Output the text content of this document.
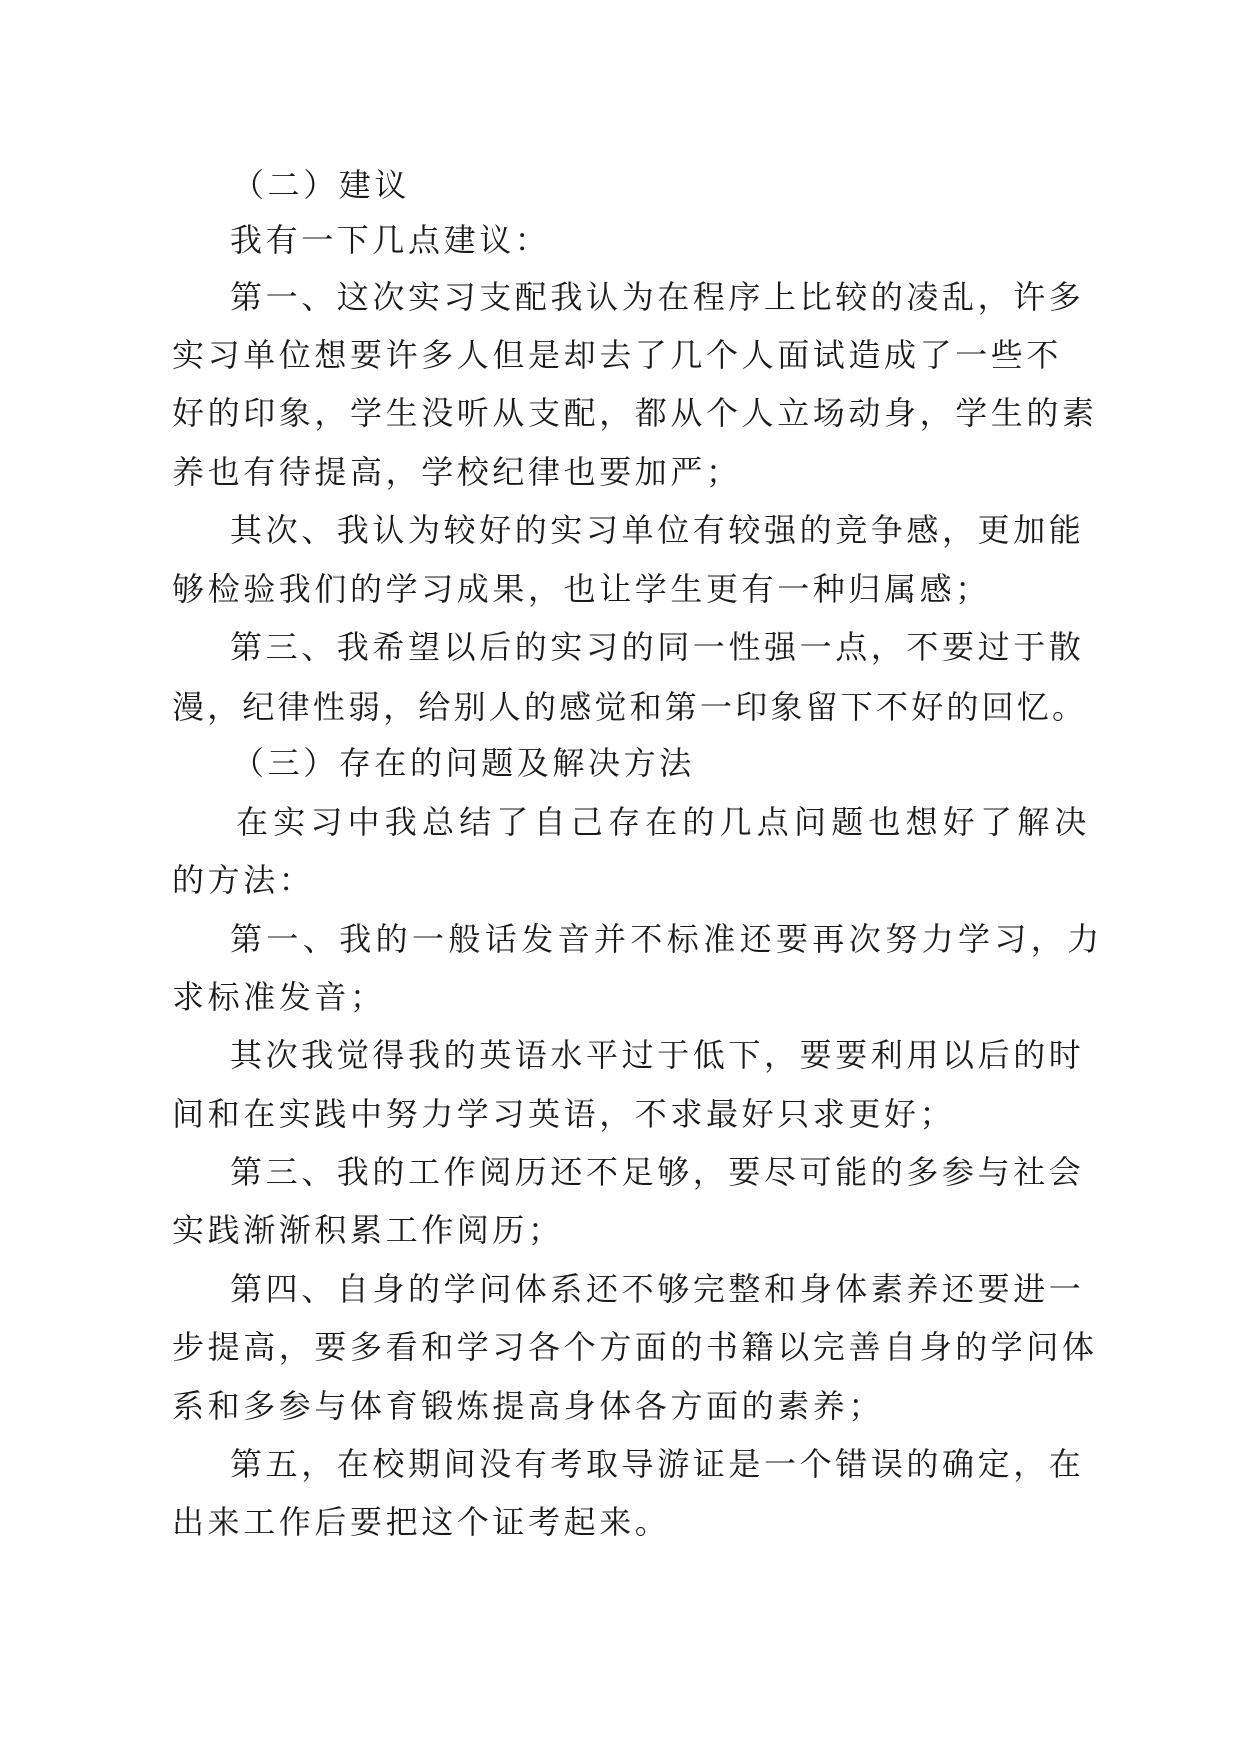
（二）建议
我有一下几点建议：
第一、这次实习支配我认为在程序上比较的凌乱，许多
实习单位想要许多人但是却去了几个人面试造成了一些不
好的印象，学生没听从支配，都从个人立场动身，学生的素
养也有待提高，学校纪律也要加严；
其次、我认为较好的实习单位有较强的竞争感，更加能
够检验我们的学习成果，也让学生更有一种归属感；
第三、我希望以后的实习的同一性强一点，不要过于散
漫，纪律性弱，给别人的感觉和第一印象留下不好的回忆。
（三）存在的问题及解决方法
在实习中我总结了自己存在的几点问题也想好了解决
的方法：
第一、我的一般话发音并不标准还要再次努力学习，力
求标准发音；
其次我觉得我的英语水平过于低下，要要利用以后的时
间和在实践中努力学习英语，不求最好只求更好；
第三、我的工作阅历还不足够，要尽可能的多参与社会
实践渐渐积累工作阅历；
第四、自身的学问体系还不够完整和身体素养还要进一
步提高，要多看和学习各个方面的书籍以完善自身的学问体
系和多参与体育锻炼提高身体各方面的素养；
第五，在校期间没有考取导游证是一个错误的确定，在
出来工作后要把这个证考起来。
